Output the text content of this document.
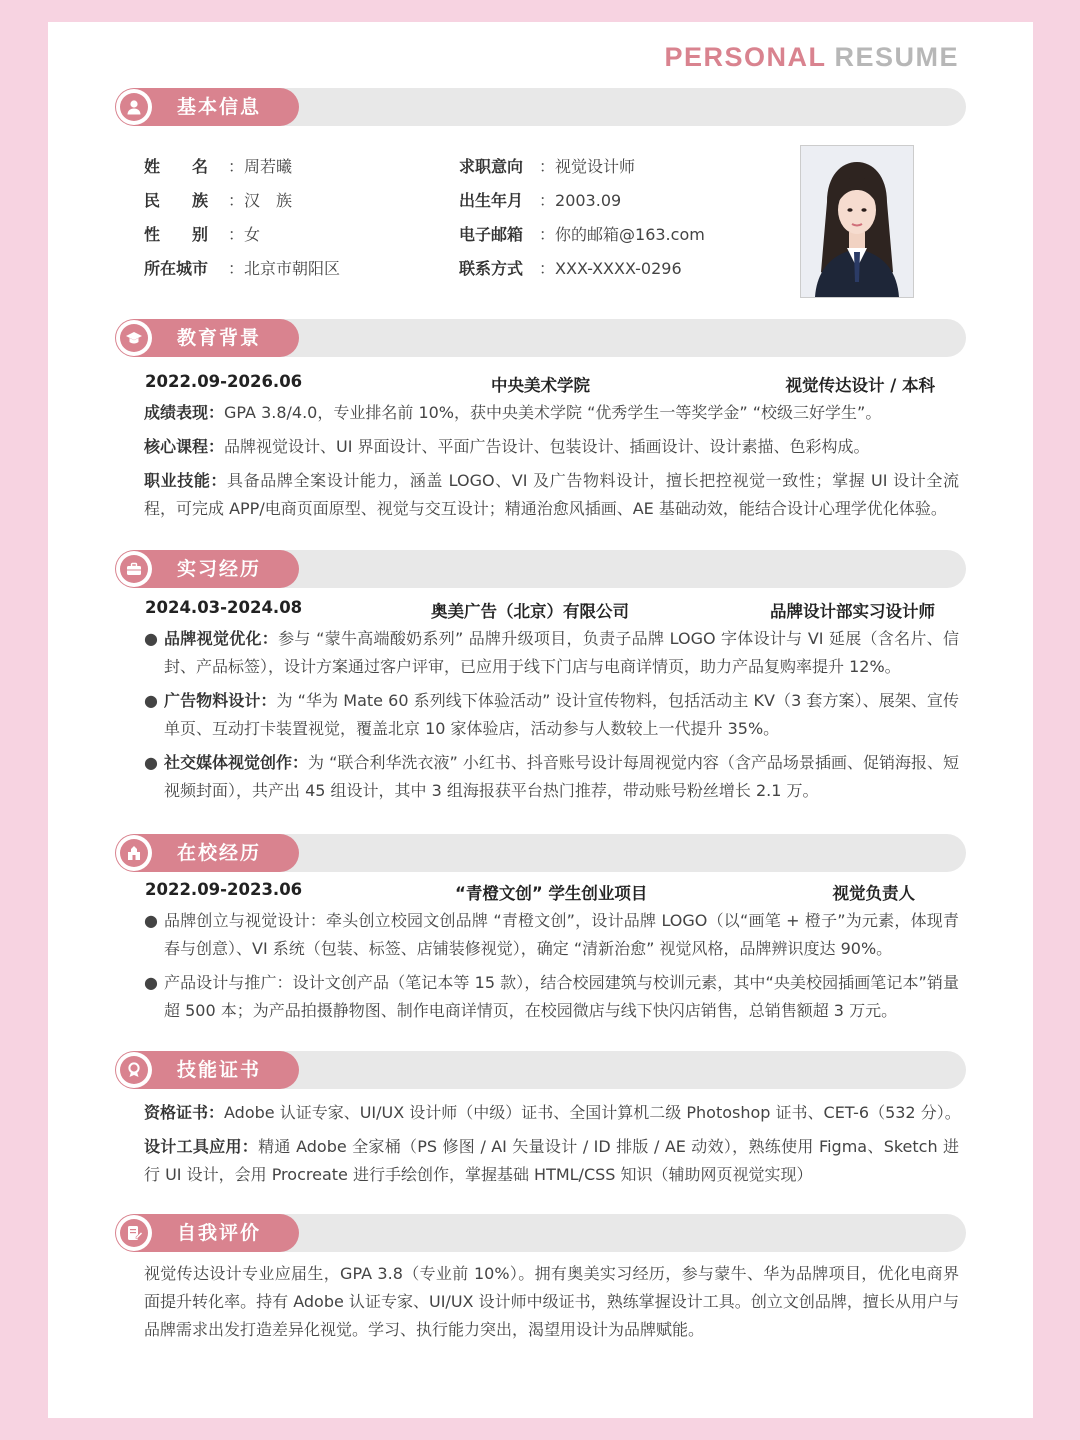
PERSONAL RESUME
基本信息
姓　　名 ：周若曦
民　　族 ：汉　族
性　　别 ：女
所在城市 ：北京市朝阳区
求职意向 ：视觉设计师
出生年月 ：2003.09
电子邮箱 ：你的邮箱@163.com
联系方式 ：XXX-XXXX-0296
教育背景
2022.09-2026.06	中央美术学院	视觉传达设计 / 本科
成绩表现：GPA 3.8/4.0，专业排名前 10%，获中央美术学院 “优秀学生一等奖学金” “校级三好学生”。
核心课程：品牌视觉设计、UI 界面设计、平面广告设计、包装设计、插画设计、设计素描、色彩构成。
职业技能：具备品牌全案设计能力，涵盖 LOGO、VI 及广告物料设计，擅长把控视觉一致性；掌握 UI 设计全流程，可完成 APP/电商页面原型、视觉与交互设计；精通治愈风插画、AE 基础动效，能结合设计心理学优化体验。
实习经历
2024.03-2024.08	奥美广告（北京）有限公司	品牌设计部实习设计师
● 品牌视觉优化：参与 “蒙牛高端酸奶系列” 品牌升级项目，负责子品牌 LOGO 字体设计与 VI 延展（含名片、信封、产品标签），设计方案通过客户评审，已应用于线下门店与电商详情页，助力产品复购率提升 12%。
● 广告物料设计：为 “华为 Mate 60 系列线下体验活动” 设计宣传物料，包括活动主 KV（3 套方案）、展架、宣传单页、互动打卡装置视觉，覆盖北京 10 家体验店，活动参与人数较上一代提升 35%。
● 社交媒体视觉创作：为 “联合利华洗衣液” 小红书、抖音账号设计每周视觉内容（含产品场景插画、促销海报、短视频封面），共产出 45 组设计，其中 3 组海报获平台热门推荐，带动账号粉丝增长 2.1 万。
在校经历
2022.09-2023.06	“青橙文创” 学生创业项目	视觉负责人
● 品牌创立与视觉设计：牵头创立校园文创品牌 “青橙文创”，设计品牌 LOGO（以“画笔 + 橙子”为元素，体现青春与创意）、VI 系统（包装、标签、店铺装修视觉），确定 “清新治愈” 视觉风格，品牌辨识度达 90%。
● 产品设计与推广：设计文创产品（笔记本等 15 款），结合校园建筑与校训元素，其中“央美校园插画笔记本”销量超 500 本；为产品拍摄静物图、制作电商详情页，在校园微店与线下快闪店销售，总销售额超 3 万元。
技能证书
资格证书：Adobe 认证专家、UI/UX 设计师（中级）证书、全国计算机二级 Photoshop 证书、CET-6（532 分）。
设计工具应用：精通 Adobe 全家桶（PS 修图 / AI 矢量设计 / ID 排版 / AE 动效），熟练使用 Figma、Sketch 进行 UI 设计，会用 Procreate 进行手绘创作，掌握基础 HTML/CSS 知识（辅助网页视觉实现）
自我评价
视觉传达设计专业应届生，GPA 3.8（专业前 10%）。拥有奥美实习经历，参与蒙牛、华为品牌项目，优化电商界面提升转化率。持有 Adobe 认证专家、UI/UX 设计师中级证书，熟练掌握设计工具。创立文创品牌，擅长从用户与品牌需求出发打造差异化视觉。学习、执行能力突出，渴望用设计为品牌赋能。
